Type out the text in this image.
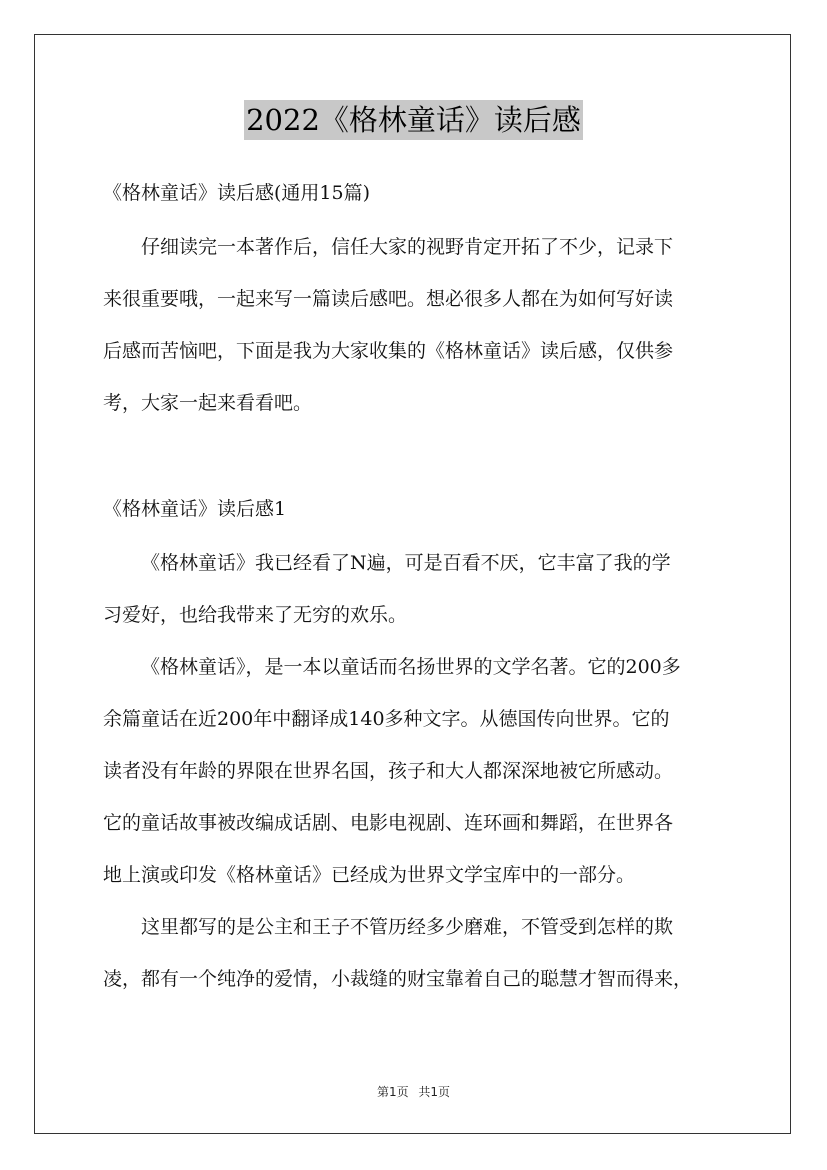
2022《格林童话》读后感

《格林童话》读后感(通用15篇)

仔细读完一本著作后，信任大家的视野肯定开拓了不少，记录下

来很重要哦，一起来写一篇读后感吧。想必很多人都在为如何写好读

后感而苦恼吧，下面是我为大家收集的《格林童话》读后感，仅供参

考，大家一起来看看吧。

《格林童话》读后感1

《格林童话》我已经看了N遍，可是百看不厌，它丰富了我的学

习爱好，也给我带来了无穷的欢乐。

《格林童话》，是一本以童话而名扬世界的文学名著。它的200多

余篇童话在近200年中翻译成140多种文字。从德国传向世界。它的

读者没有年龄的界限在世界名国，孩子和大人都深深地被它所感动。

它的童话故事被改编成话剧、电影电视剧、连环画和舞蹈，在世界各

地上演或印发《格林童话》已经成为世界文学宝库中的一部分。

这里都写的是公主和王子不管历经多少磨难，不管受到怎样的欺

凌，都有一个纯净的爱情，小裁缝的财宝靠着自己的聪慧才智而得来，

第1页 共1页
